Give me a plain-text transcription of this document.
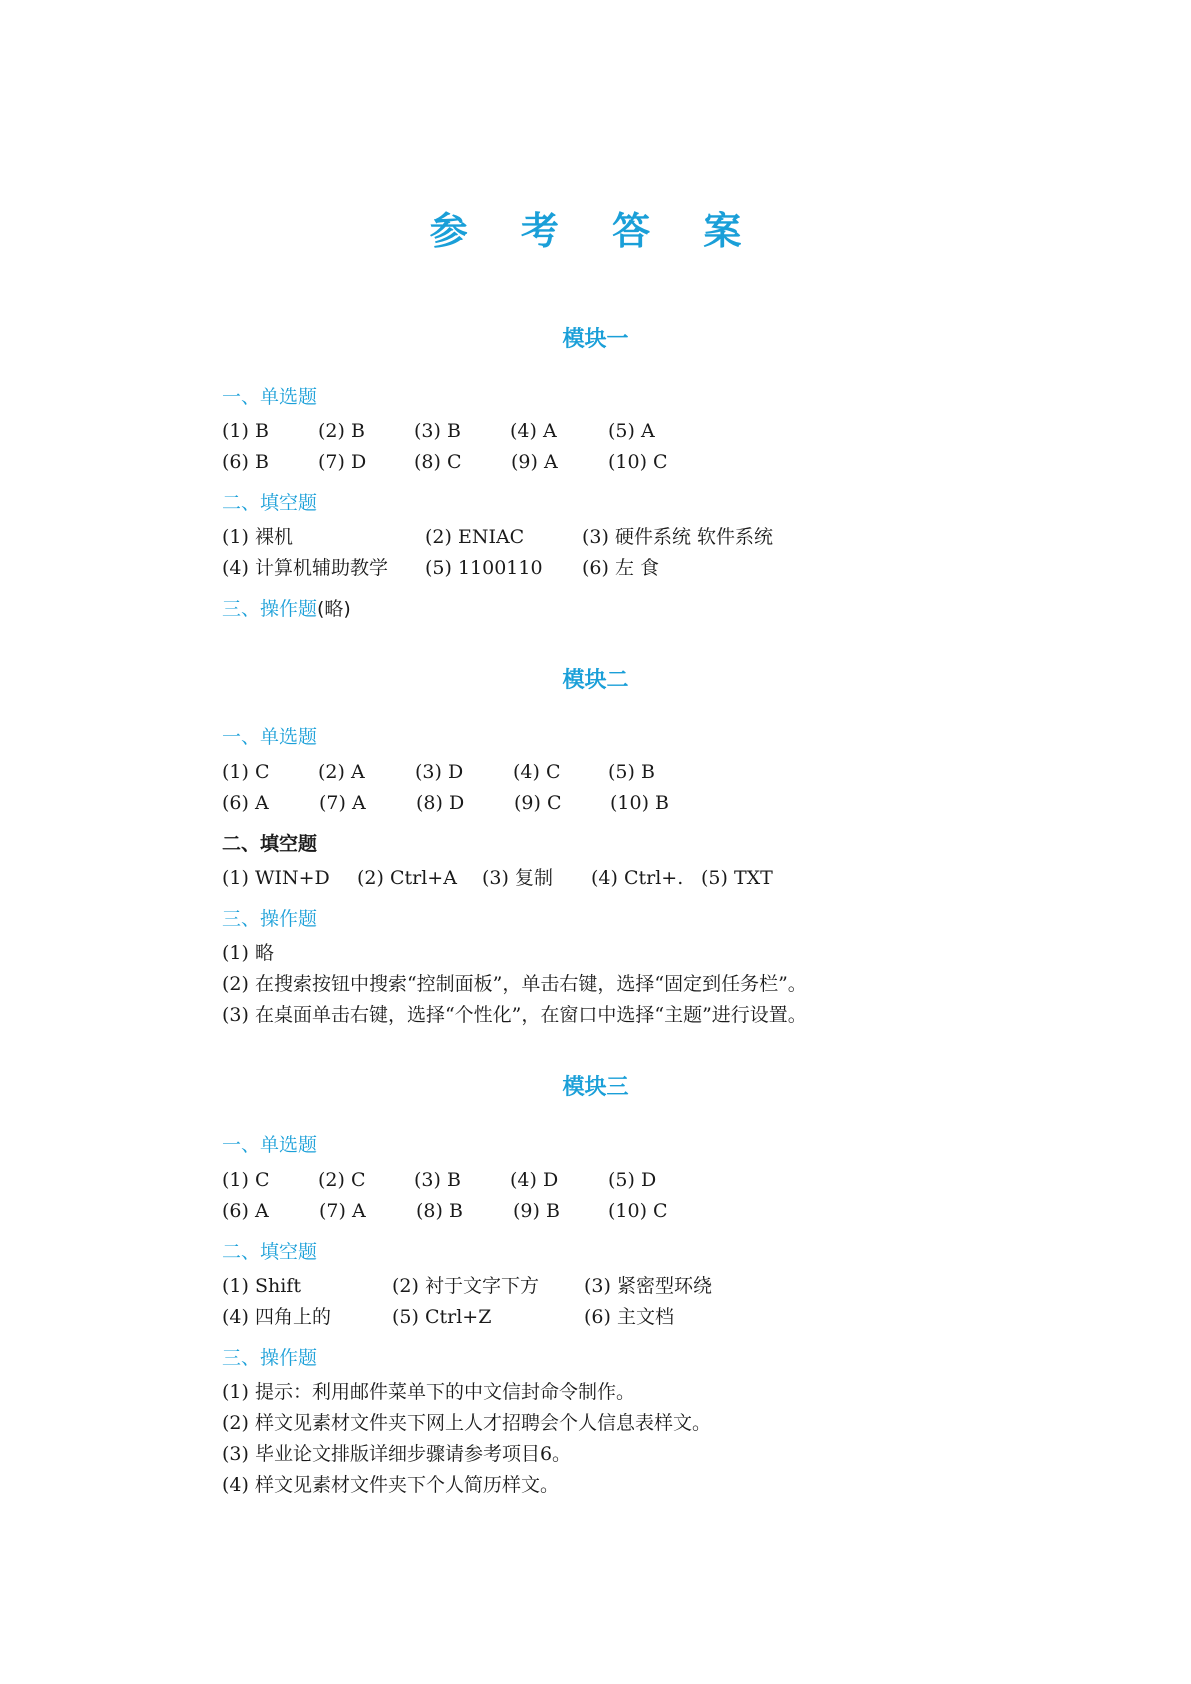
参 考 答 案
模块一
一、单选题
(1) B	(2) B	(3) B	(4) A	(5) A
(6) B	(7) D	(8) C	(9) A	(10) C
二、填空题
(1) 裸机	(2) ENIAC	(3) 硬件系统 软件系统
(4) 计算机辅助教学 (5) 1100110 (6) 左 食
三、操作题(略)
模块二
一、单选题
(1) C	(2) A	(3) D	(4) C	(5) B
(6) A	(7) A	(8) D	(9) C	(10) B
二、填空题
(1) WIN+D (2) Ctrl+A (3) 复制 (4) Ctrl+. (5) TXT
三、操作题
(1) 略
(2) 在搜索按钮中搜索“控制面板”，单击右键，选择“固定到任务栏”。
(3) 在桌面单击右键，选择“个性化”，在窗口中选择“主题”进行设置。
模块三
一、单选题
(1) C	(2) C	(3) B	(4) D	(5) D
(6) A	(7) A	(8) B	(9) B	(10) C
二、填空题
(1) Shift	(2) 衬于文字下方 (3) 紧密型环绕
(4) 四角上的	(5) Ctrl+Z	(6) 主文档
三、操作题
(1) 提示：利用邮件菜单下的中文信封命令制作。
(2) 样文见素材文件夹下网上人才招聘会个人信息表样文。
(3) 毕业论文排版详细步骤请参考项目6。
(4) 样文见素材文件夹下个人简历样文。
